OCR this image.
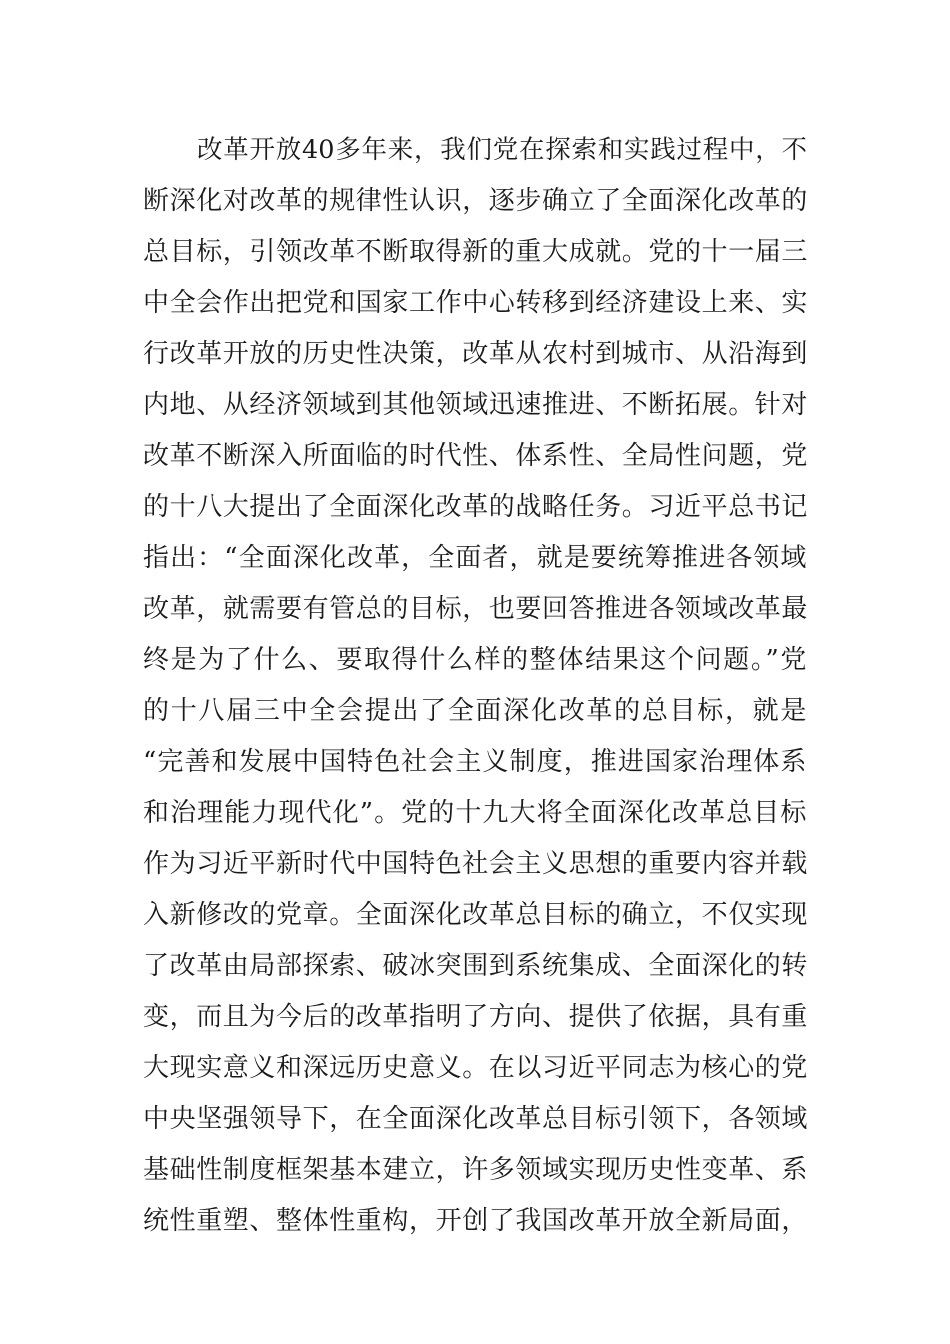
改革开放40多年来，我们党在探索和实践过程中，不

断深化对改革的规律性认识，逐步确立了全面深化改革的

总目标，引领改革不断取得新的重大成就。党的十一届三

中全会作出把党和国家工作中心转移到经济建设上来、实

行改革开放的历史性决策，改革从农村到城市、从沿海到

内地、从经济领域到其他领域迅速推进、不断拓展。针对

改革不断深入所面临的时代性、体系性、全局性问题，党

的十八大提出了全面深化改革的战略任务。习近平总书记

指出：“全面深化改革，全面者，就是要统筹推进各领域

改革，就需要有管总的目标，也要回答推进各领域改革最

终是为了什么、要取得什么样的整体结果这个问题。”党

的十八届三中全会提出了全面深化改革的总目标，就是

“完善和发展中国特色社会主义制度，推进国家治理体系

和治理能力现代化”。党的十九大将全面深化改革总目标

作为习近平新时代中国特色社会主义思想的重要内容并载

入新修改的党章。全面深化改革总目标的确立，不仅实现

了改革由局部探索、破冰突围到系统集成、全面深化的转

变，而且为今后的改革指明了方向、提供了依据，具有重

大现实意义和深远历史意义。在以习近平同志为核心的党

中央坚强领导下，在全面深化改革总目标引领下，各领域

基础性制度框架基本建立，许多领域实现历史性变革、系

统性重塑、整体性重构，开创了我国改革开放全新局面，
